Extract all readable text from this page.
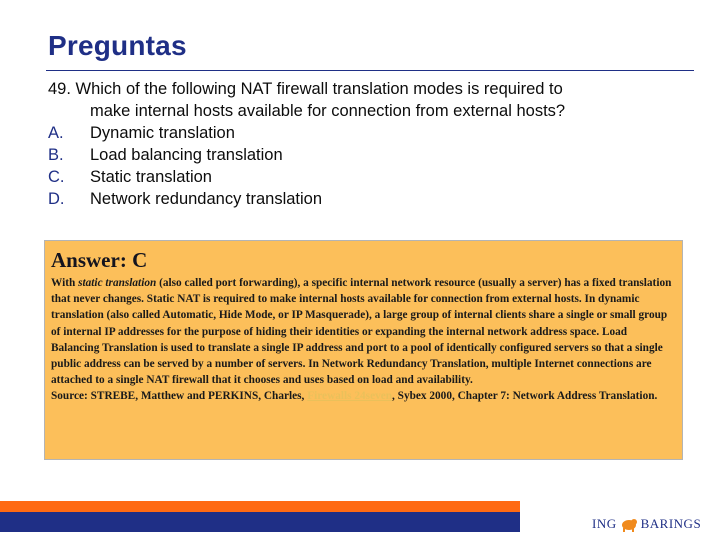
Preguntas
49. Which of the following NAT firewall translation modes is required to
make internal hosts available for connection from external hosts?
A. Dynamic translation
B. Load balancing translation
C. Static translation
D. Network redundancy translation
Answer: C
With static translation (also called port forwarding), a specific internal network resource (usually a server) has a fixed translation that never changes. Static NAT is required to make internal hosts available for connection from external hosts. In dynamic translation (also called Automatic, Hide Mode, or IP Masquerade), a large group of internal clients share a single or small group of internal IP addresses for the purpose of hiding their identities or expanding the internal network address space. Load Balancing Translation is used to translate a single IP address and port to a pool of identically configured servers so that a single public address can be served by a number of servers. In Network Redundancy Translation, multiple Internet connections are attached to a single NAT firewall that it chooses and uses based on load and availability.
Source: STREBE, Matthew and PERKINS, Charles, Firewalls 24seven, Sybex 2000, Chapter 7: Network Address Translation.
ING BARINGS
